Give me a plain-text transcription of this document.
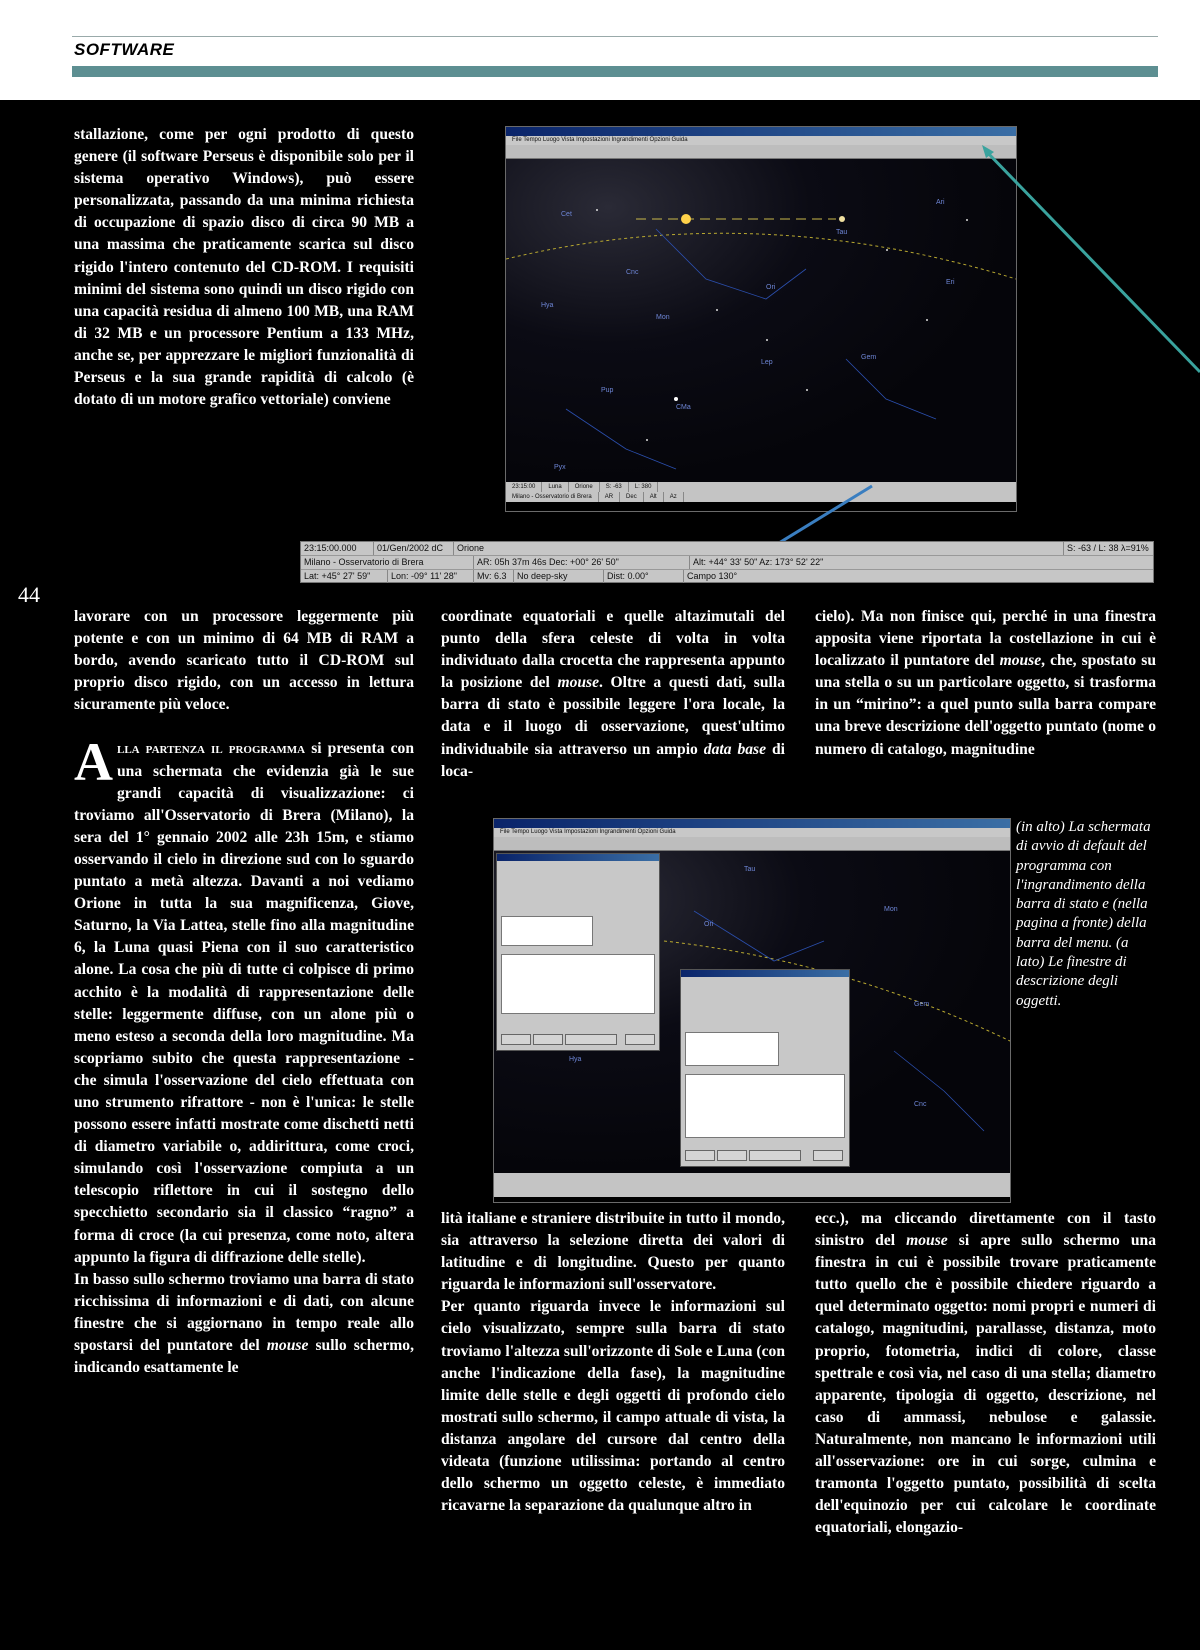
SOFTWARE

stallazione, come per ogni prodotto di questo genere (il software Perseus è disponibile solo per il sistema operativo Windows), può essere personalizzata, passando da una minima richiesta di occupazione di spazio disco di circa 90 MB a una massima che praticamente scarica sul disco rigido l'intero contenuto del CD-ROM. I requisiti minimi del sistema sono quindi un disco rigido con una capacità residua di almeno 100 MB, una RAM di 32 MB e un processore Pentium a 133 MHz, anche se, per apprezzare le migliori funzionalità di Perseus e la sua grande rapidità di calcolo (è dotato di un motore grafico vettoriale) conviene

File Tempo Luogo Vista Impostazioni Ingrandimenti Opzioni Guida
Cet
Ari
Tau
Ori
Eri
Mon
Lep
Cnc
Hya
Pyx
CMa
Pup
Gem
23:15:00 Luna Orione S: -63 L: 380
Milano - Osservatorio di Brera AR Dec Alt Az
23:15:00.000	01/Gen/2002 dC	Orione	S: -63 / L: 38 λ=91%
Milano - Osservatorio di Brera	AR: 05h 37m 46s Dec: +00° 26' 50"	Alt: +44° 33' 50" Az: 173° 52' 22"
Lat: +45° 27' 59"	Lon: -09° 11' 28"	Mv: 6.3	No deep-sky	Dist: 0.00°	Campo 130°
44

lavorare con un processore leggermente più potente e con un minimo di 64 MB di RAM a bordo, avendo scaricato tutto il CD-ROM sul proprio disco rigido, con un accesso in lettura sicuramente più veloce.

Alla partenza il programma si presenta con una schermata che evidenzia già le sue grandi capacità di visualizzazione: ci troviamo all'Osservatorio di Brera (Milano), la sera del 1° gennaio 2002 alle 23h 15m, e stiamo osservando il cielo in direzione sud con lo sguardo puntato a metà altezza. Davanti a noi vediamo Orione in tutta la sua magnificenza, Giove, Saturno, la Via Lattea, stelle fino alla magnitudine 6, la Luna quasi Piena con il suo caratteristico alone. La cosa che più di tutte ci colpisce di primo acchito è la modalità di rappresentazione delle stelle: leggermente diffuse, con un alone più o meno esteso a seconda della loro magnitudine. Ma scopriamo subito che questa rappresentazione - che simula l'osservazione del cielo effettuata con uno strumento rifrattore - non è l'unica: le stelle possono essere infatti mostrate come dischetti netti di diametro variabile o, addirittura, come croci, simulando così l'osservazione compiuta a un telescopio riflettore in cui il sostegno dello specchietto secondario sia il classico “ragno” a forma di croce (la cui presenza, come noto, altera appunto la figura di diffrazione delle stelle).

In basso sullo schermo troviamo una barra di stato ricchissima di informazioni e di dati, con alcune finestre che si aggiornano in tempo reale allo spostarsi del puntatore del mouse sullo schermo, indicando esattamente le

coordinate equatoriali e quelle altazimutali del punto della sfera celeste di volta in volta individuato dalla crocetta che rappresenta appunto la posizione del mouse. Oltre a questi dati, sulla barra di stato è possibile leggere l'ora locale, la data e il luogo di osservazione, quest'ultimo individuabile sia attraverso un ampio data base di loca-

cielo). Ma non finisce qui, perché in una finestra apposita viene riportata la costellazione in cui è localizzato il puntatore del mouse, che, spostato su una stella o su un particolare oggetto, si trasforma in un “mirino”: a quel punto sulla barra compare una breve descrizione dell'oggetto puntato (nome o numero di catalogo, magnitudine

File Tempo Luogo Vista Impostazioni Ingrandimenti Opzioni Guida
Tau
Ori
Mon
Hya
Gem
Cnc
(in alto) La schermata di avvio di default del programma con l'ingrandimento della barra di stato e (nella pagina a fronte) della barra del menu. (a lato) Le finestre di descrizione degli oggetti.

lità italiane e straniere distribuite in tutto il mondo, sia attraverso la selezione diretta dei valori di latitudine e di longitudine. Questo per quanto riguarda le informazioni sull'osservatore.

Per quanto riguarda invece le informazioni sul cielo visualizzato, sempre sulla barra di stato troviamo l'altezza sull'orizzonte di Sole e Luna (con anche l'indicazione della fase), la magnitudine limite delle stelle e degli oggetti di profondo cielo mostrati sullo schermo, il campo attuale di vista, la distanza angolare del cursore dal centro della videata (funzione utilissima: portando al centro dello schermo un oggetto celeste, è immediato ricavarne la separazione da qualunque altro in

ecc.), ma cliccando direttamente con il tasto sinistro del mouse si apre sullo schermo una finestra in cui è possibile trovare praticamente tutto quello che è possibile chiedere riguardo a quel determinato oggetto: nomi propri e numeri di catalogo, magnitudini, parallasse, distanza, moto proprio, fotometria, indici di colore, classe spettrale e così via, nel caso di una stella; diametro apparente, tipologia di oggetto, descrizione, nel caso di ammassi, nebulose e galassie. Naturalmente, non mancano le informazioni utili all'osservazione: ore in cui sorge, culmina e tramonta l'oggetto puntato, possibilità di scelta dell'equinozio per cui calcolare le coordinate equatoriali, elongazio-
